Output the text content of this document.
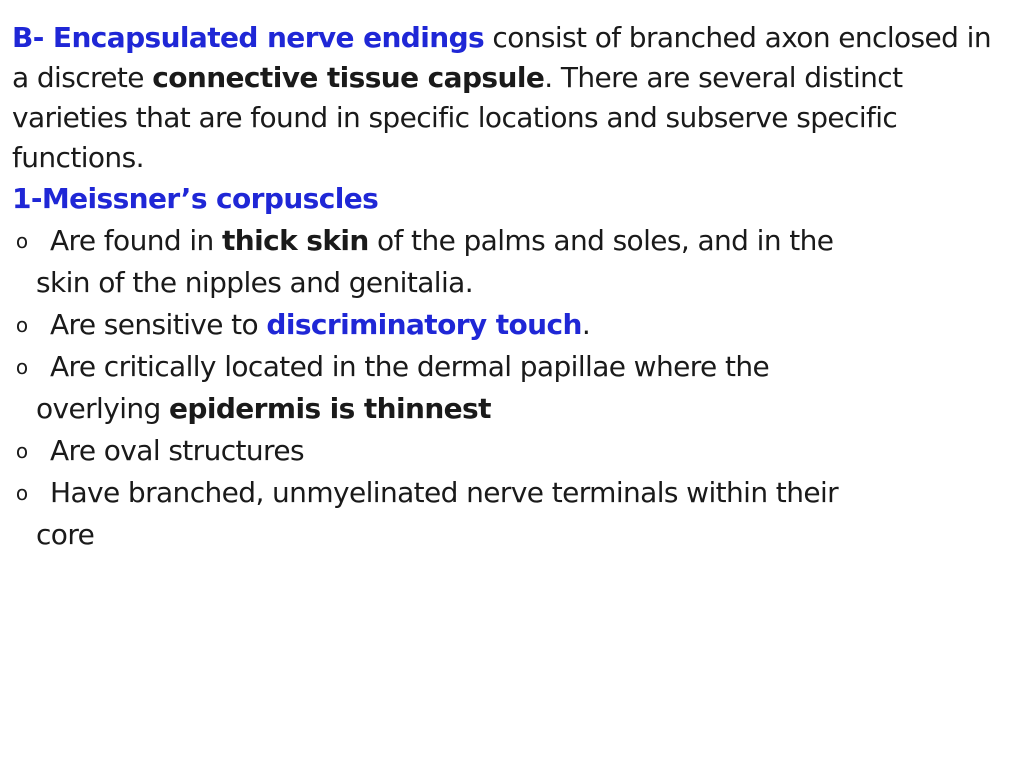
B- Encapsulated nerve endings consist of branched axon enclosed in a discrete connective tissue capsule. There are several distinct varieties that are found in specific locations and subserve specific functions.

1-Meissner’s corpuscles

o
Are found in thick skin of the palms and soles, and in the
skin of the nipples and genitalia.
o
Are sensitive to discriminatory touch.
o
Are critically located in the dermal papillae where the
overlying epidermis is thinnest
o
Are oval structures
o
Have branched, unmyelinated nerve terminals within their
core
